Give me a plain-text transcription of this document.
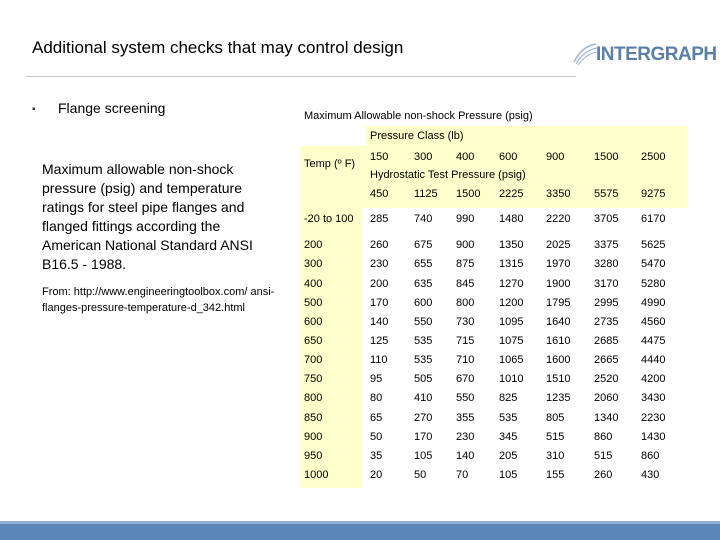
Additional system checks that may control design	INTERGRAPH
▪ Flange screening
Maximum allowable non-shock pressure (psig) and temperature ratings for steel pipe flanges and flanged fittings according the American National Standard ANSI B16.5 - 1988.
From: http://www.engineeringtoolbox.com/ ansi-flanges-pressure-temperature-d_342.html
Maximum Allowable non-shock Pressure (psig)
Pressure Class (lb)
Temp (º F)
Hydrostatic Test Pressure (psig)
150 300 400 600	900	1500 2500
450 1125 1500 2225 3350 5575 9275
-20 to 100 285 740 990 1480 2220 3705 6170
200	260 675 900 1350 2025 3375 5625
300	230 655 875 1315 1970 3280 5470
400	200 635 845 1270 1900 3170 5280
500	170 600 800 1200 1795 2995 4990
600	140 550 730 1095 1640 2735 4560
650	125 535 715 1075 1610 2685 4475
700	110 535 710 1065 1600 2665 4440
750	95	505 670 1010 1510 2520 4200
800	80	410 550 825	1235 2060 3430
850	65	270 355 535	805	1340 2230
900	50	170 230 345	515	860	1430
950	35	105 140 205	310	515	860
1000	20	50	70	105	155	260	430
